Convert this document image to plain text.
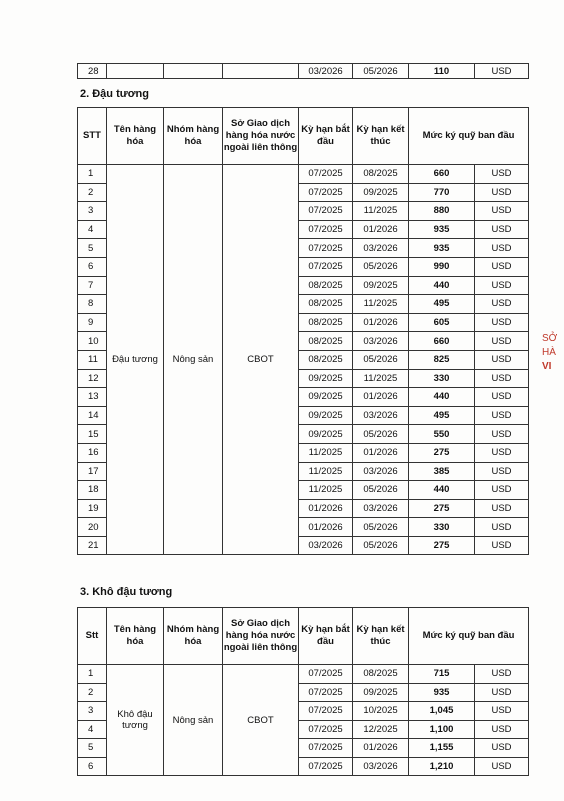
28				03/2026	05/2026	110	USD
2. Đậu tương
STT	Tên hàng hóa	Nhóm hàng hóa	Sở Giao dịch hàng hóa nước ngoài liên thông	Kỳ hạn bắt đầu	Kỳ hạn kết thúc	Mức ký quỹ ban đầu	
1	Đậu tương	Nông sản	CBOT	07/2025	08/2025	660	USD
2				07/2025	09/2025	770	USD
3				07/2025	11/2025	880	USD
4				07/2025	01/2026	935	USD
5				07/2025	03/2026	935	USD
6				07/2025	05/2026	990	USD
7				08/2025	09/2025	440	USD
8				08/2025	11/2025	495	USD
9				08/2025	01/2026	605	USD
10				08/2025	03/2026	660	USD
11				08/2025	05/2026	825	USD
12				09/2025	11/2025	330	USD
13				09/2025	01/2026	440	USD
14				09/2025	03/2026	495	USD
15				09/2025	05/2026	550	USD
16				11/2025	01/2026	275	USD
17				11/2025	03/2026	385	USD
18				11/2025	05/2026	440	USD
19				01/2026	03/2026	275	USD
20				01/2026	05/2026	330	USD
21				03/2026	05/2026	275	USD
3. Khô đậu tương
Stt	Tên hàng hóa	Nhóm hàng hóa	Sở Giao dịch hàng hóa nước ngoài liên thông	Kỳ hạn bắt đầu	Kỳ hạn kết thúc	Mức ký quỹ ban đầu	
1	Khô đậu tương	Nông sản	CBOT	07/2025	08/2025	715	USD
2				07/2025	09/2025	935	USD
3				07/2025	10/2025	1,045	USD
4				07/2025	12/2025	1,100	USD
5				07/2025	01/2026	1,155	USD
6				07/2025	03/2026	1,210	USD
SỞ
HÀ
VI
